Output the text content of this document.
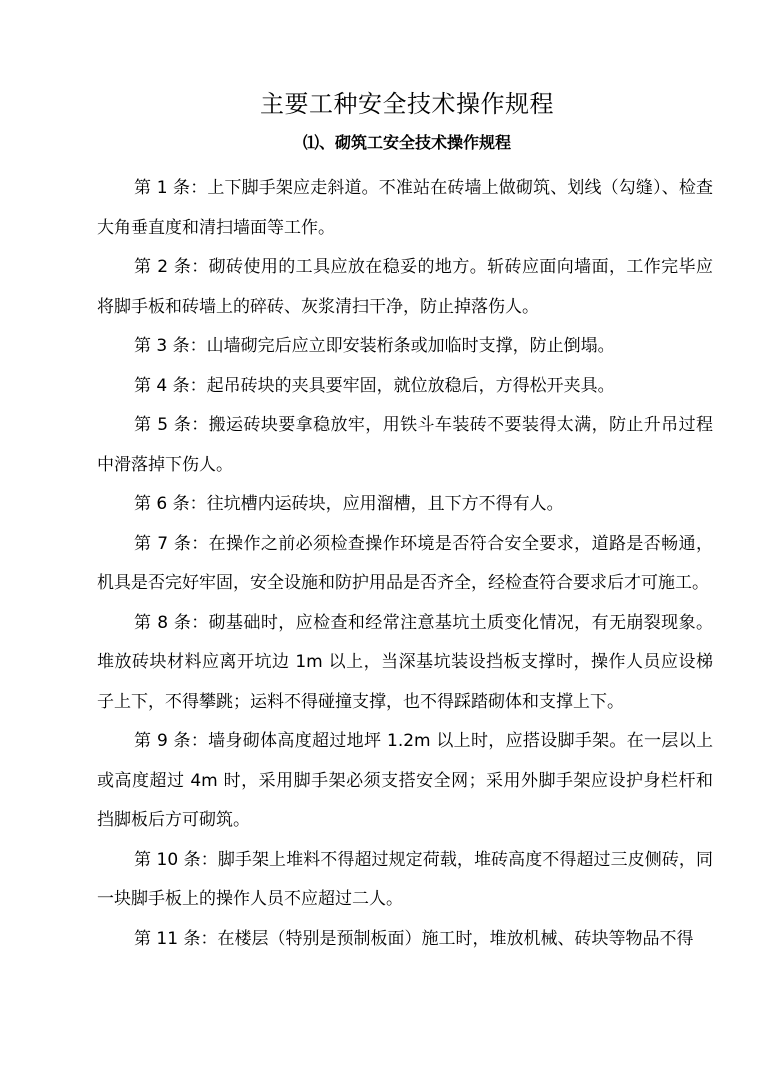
主要工种安全技术操作规程
⑴、砌筑工安全技术操作规程

第 1 条：上下脚手架应走斜道。不准站在砖墙上做砌筑、划线（勾缝）、检查大角垂直度和清扫墙面等工作。

第 2 条：砌砖使用的工具应放在稳妥的地方。斩砖应面向墙面，工作完毕应将脚手板和砖墙上的碎砖、灰浆清扫干净，防止掉落伤人。

第 3 条：山墙砌完后应立即安装桁条或加临时支撑，防止倒塌。

第 4 条：起吊砖块的夹具要牢固，就位放稳后，方得松开夹具。

第 5 条：搬运砖块要拿稳放牢，用铁斗车装砖不要装得太满，防止升吊过程中滑落掉下伤人。

第 6 条：往坑槽内运砖块，应用溜槽，且下方不得有人。

第 7 条：在操作之前必须检查操作环境是否符合安全要求，道路是否畅通，机具是否完好牢固，安全设施和防护用品是否齐全，经检查符合要求后才可施工。

第 8 条：砌基础时，应检查和经常注意基坑土质变化情况，有无崩裂现象。堆放砖块材料应离开坑边 1m 以上，当深基坑装设挡板支撑时，操作人员应设梯子上下，不得攀跳；运料不得碰撞支撑，也不得踩踏砌体和支撑上下。

第 9 条：墙身砌体高度超过地坪 1.2m 以上时，应搭设脚手架。在一层以上或高度超过 4m 时，采用脚手架必须支搭安全网；采用外脚手架应设护身栏杆和挡脚板后方可砌筑。

第 10 条：脚手架上堆料不得超过规定荷载，堆砖高度不得超过三皮侧砖，同一块脚手板上的操作人员不应超过二人。

第 11 条：在楼层（特别是预制板面）施工时，堆放机械、砖块等物品不得
